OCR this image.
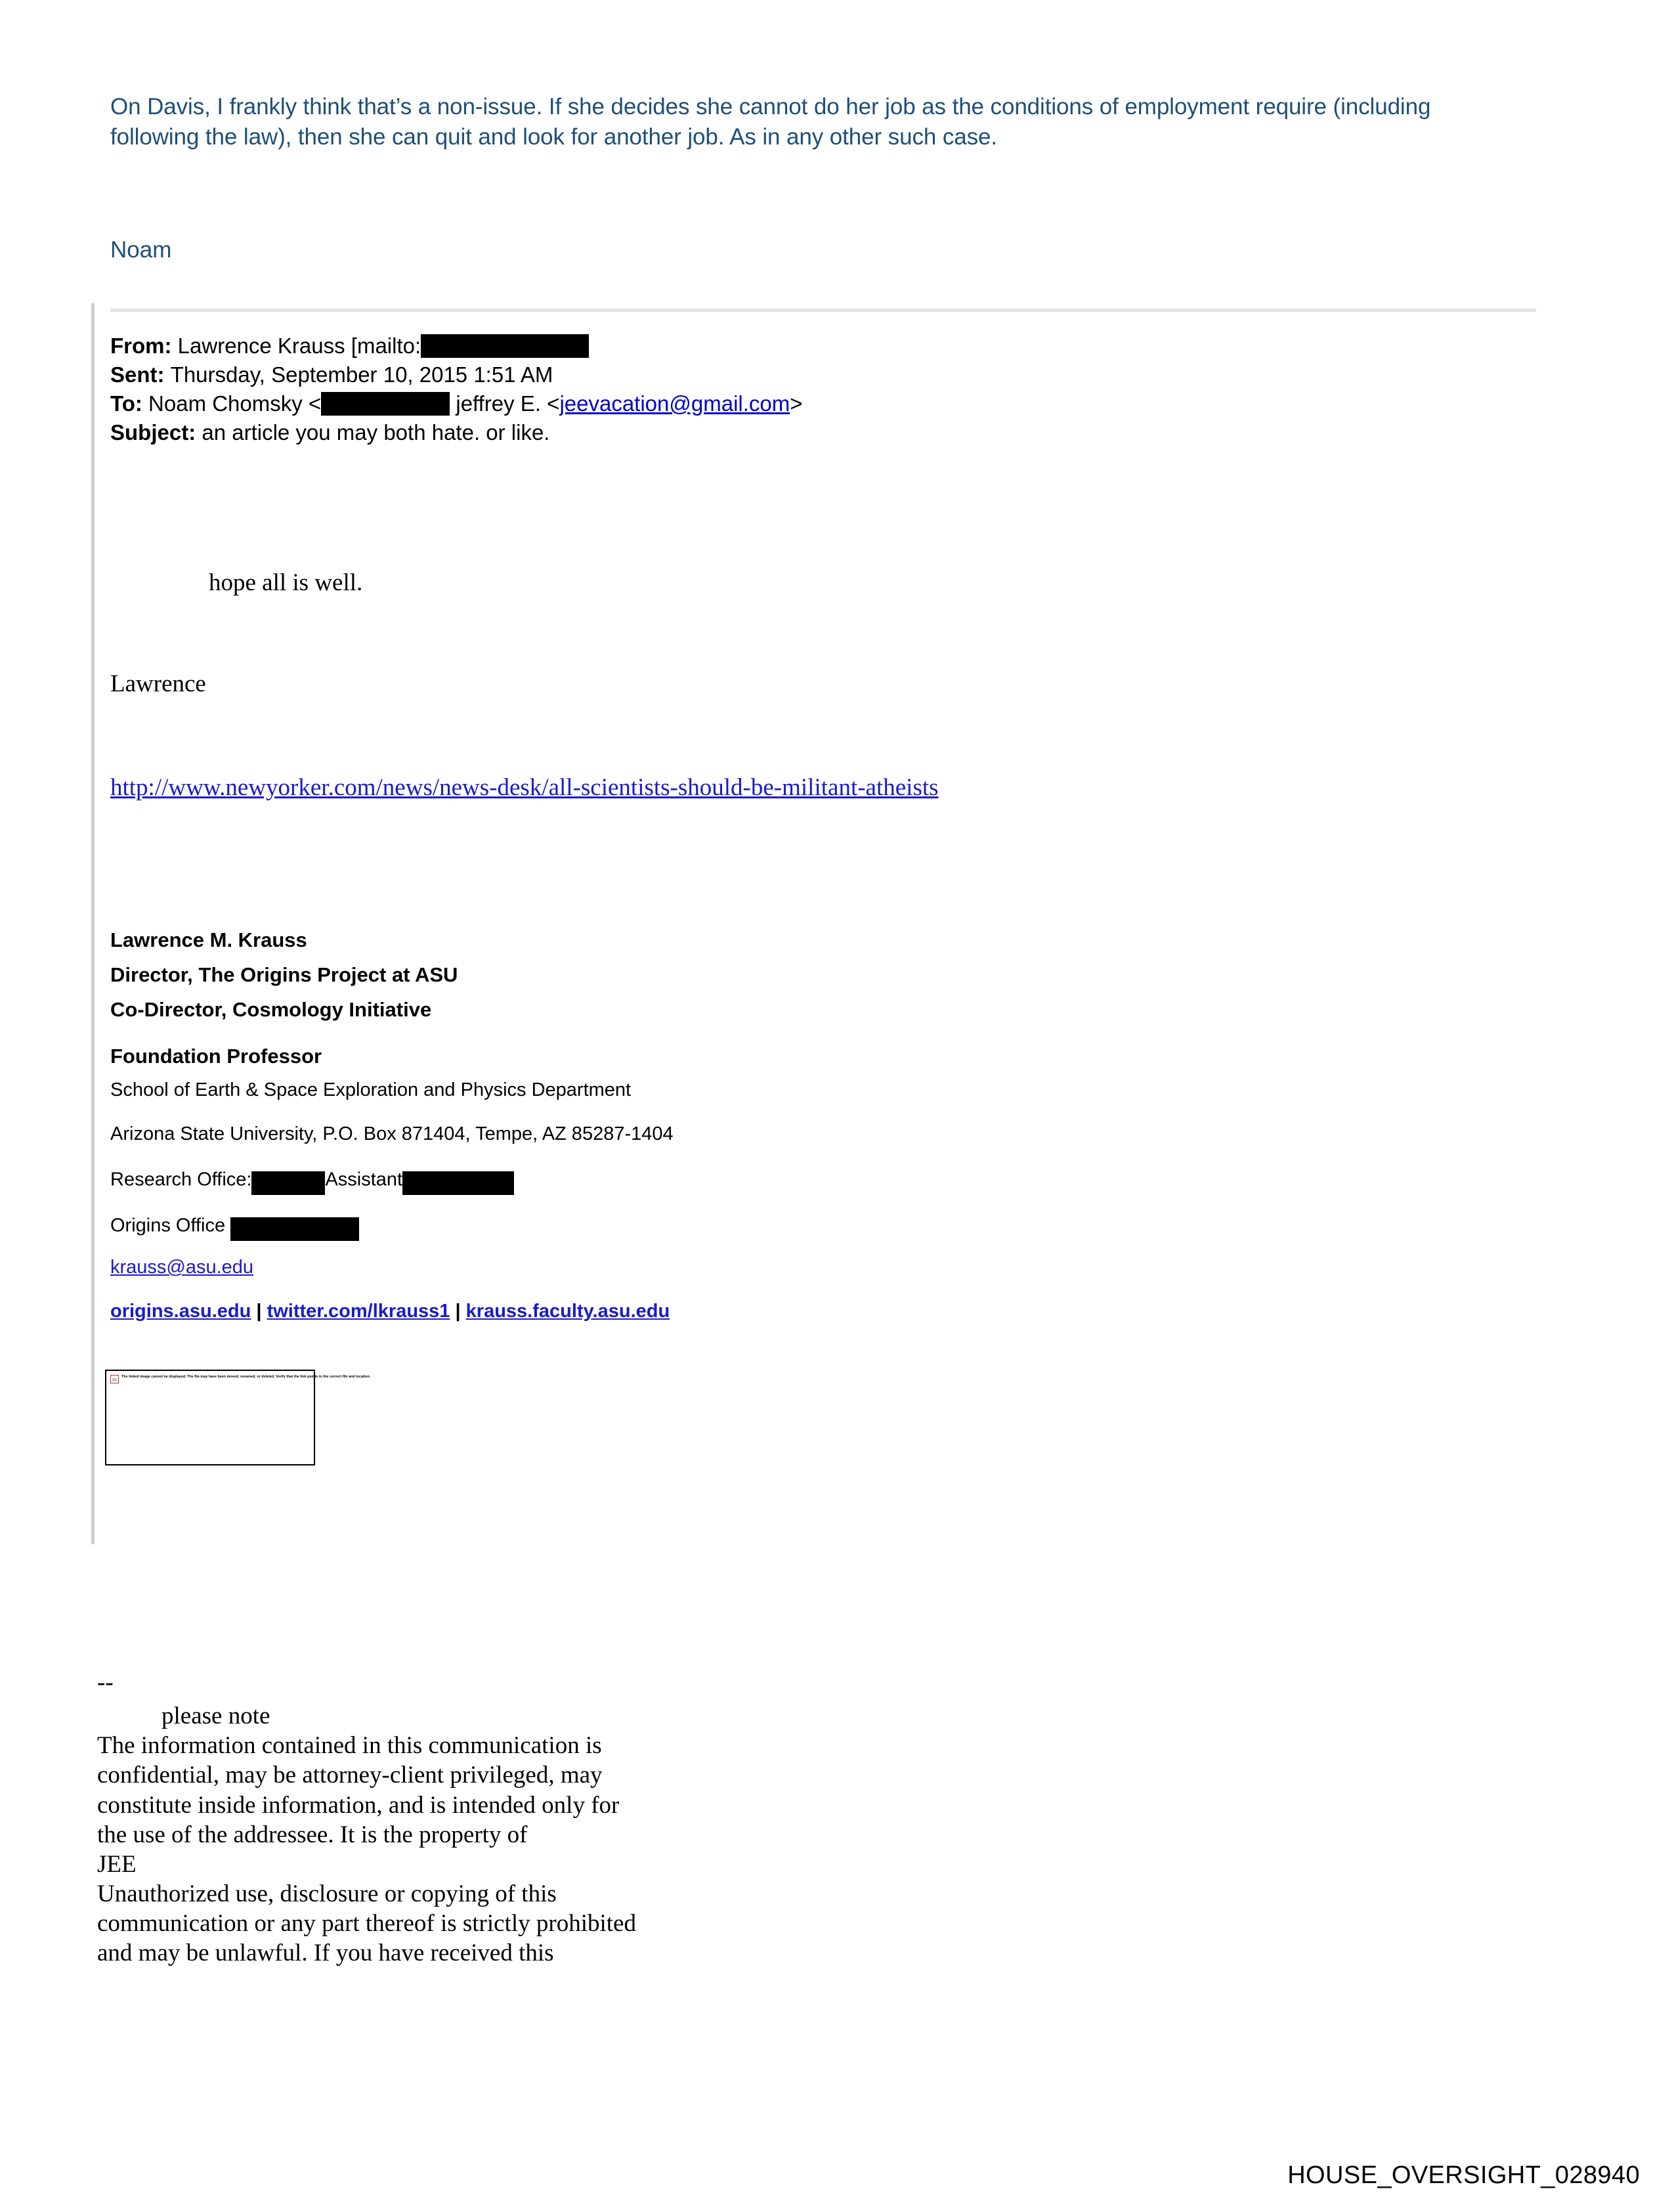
On Davis, I frankly think that’s a non-issue. If she decides she cannot do her job as the conditions of employment require (including following the law), then she can quit and look for another job. As in any other such case.

Noam

From: Lawrence Krauss [mailto:
Sent: Thursday, September 10, 2015 1:51 AM
To: Noam Chomsky <	jeffrey E. <jeevacation@gmail.com>
Subject: an article you may both hate. or like.
hope all is well.
Lawrence
http://www.newyorker.com/news/news-desk/all-scientists-should-be-militant-atheists
Lawrence M. Krauss
Director, The Origins Project at ASU
Co-Director, Cosmology Initiative
Foundation Professor
School of Earth & Space Exploration and Physics Department
Arizona State University, P.O. Box 871404, Tempe, AZ 85287-1404
Research Office:	Assistant
Origins Office
krauss@asu.edu
origins.asu.edu | twitter.com/lkrauss1 | krauss.faculty.asu.edu
The linked image cannot be displayed. The file may have been moved, renamed, or deleted. Verify that the link points to the correct file and location.
--
please note

The information contained in this communication is

confidential, may be attorney-client privileged, may

constitute inside information, and is intended only for

the use of the addressee. It is the property of

JEE

Unauthorized use, disclosure or copying of this

communication or any part thereof is strictly prohibited

and may be unlawful. If you have received this

HOUSE_OVERSIGHT_028940
